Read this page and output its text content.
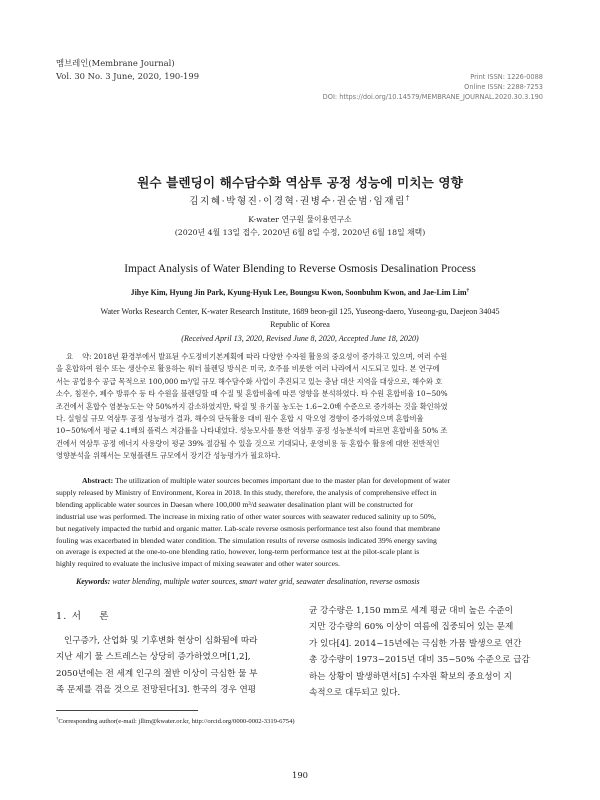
멤브레인(Membrane Journal)
Vol. 30 No. 3 June, 2020, 190-199	Print ISSN: 1226-0088
Online ISSN: 2288-7253
DOI: https://doi.org/10.14579/MEMBRANE_JOURNAL.2020.30.3.190
원수 블렌딩이 해수담수화 역삼투 공정 성능에 미치는 영향
김지혜·박형진·이경혁·권병수·권순범·임재림†
K-water 연구원 물이용연구소
(2020년 4월 13일 접수, 2020년 6월 8일 수정, 2020년 6월 18일 채택)
Impact Analysis of Water Blending to Reverse Osmosis Desalination Process
Jihye Kim, Hyung Jin Park, Kyung-Hyuk Lee, Boungsu Kwon, Soonbuhm Kwon, and Jae-Lim Lim†
Water Works Research Center, K-water Research Institute, 1689 beon-gil 125, Yuseong-daero, Yuseong-gu, Daejeon 34045
Republic of Korea
(Received April 13, 2020, Revised June 8, 2020, Accepted June 18, 2020)
요    약: 2018년 환경부에서 발표된 수도정비기본계획에 따라 다양한 수자원 활용의 중요성이 증가하고 있으며, 여러 수원
을 혼합하여 원수 또는 생산수로 활용하는 워터 블렌딩 방식은 미국, 호주를 비롯한 여러 나라에서 시도되고 있다. 본 연구에
서는 공업용수 공급 목적으로 100,000 m³/일 규모 해수담수화 사업이 추진되고 있는 충남 대산 지역을 대상으로, 해수와 호
소수, 침전수, 폐수 방류수 등 타 수원을 블렌딩할 때 수질 및 혼합비율에 따른 영향을 분석하였다. 타 수원 혼합비율 10~50%
조건에서 혼합수 염분농도는 약 50%까지 감소하였지만, 탁질 및 유기물 농도는 1.6~2.0배 수준으로 증가하는 것을 확인하였
다. 실험실 규모 역삼투 공정 성능평가 결과, 해수의 단독활용 대비 원수 혼합 시 막오염 경향이 증가하였으며 혼합비율
10~50%에서 평균 4.1배의 플럭스 저감률을 나타내었다. 성능모사를 통한 역삼투 공정 성능분석에 따르면 혼합비율 50% 조
건에서 역삼투 공정 에너지 사용량이 평균 39% 절감될 수 있을 것으로 기대되나, 운영비용 등 혼합수 활용에 대한 전반적인
영향분석을 위해서는 모형플랜트 규모에서 장기간 성능평가가 필요하다.
Abstract: The utilization of multiple water sources becomes important due to the master plan for development of water
supply released by Ministry of Environment, Korea in 2018. In this study, therefore, the analysis of comprehensive effect in
blending applicable water sources in Daesan where 100,000 m³/d seawater desalination plant will be constructed for
industrial use was performed. The increase in mixing ratio of other water sources with seawater reduced salinity up to 50%,
but negatively impacted the turbid and organic matter. Lab-scale reverse osmosis performance test also found that membrane
fouling was exacerbated in blended water condition. The simulation results of reverse osmosis indicated 39% energy saving
on average is expected at the one-to-one blending ratio, however, long-term performance test at the pilot-scale plant is
highly required to evaluate the inclusive impact of mixing seawater and other water sources.
Keywords: water blending, multiple water sources, smart water grid, seawater desalination, reverse osmosis
1. 서    론
인구증가, 산업화 및 기후변화 현상이 심화됨에 따라
지난 세기 물 스트레스는 상당히 증가하였으며[1,2],
2050년에는 전 세계 인구의 절반 이상이 극심한 물 부
족 문제를 겪을 것으로 전망된다[3]. 한국의 경우 연평
균 강수량은 1,150 mm로 세계 평균 대비 높은 수준이
지만 강수량의 60% 이상이 여름에 집중되어 있는 문제
가 있다[4]. 2014~15년에는 극심한 가뭄 발생으로 연간
총 강수량이 1973~2015년 대비 35~50% 수준으로 급감
하는 상황이 발생하면서[5] 수자원 확보의 중요성이 지
속적으로 대두되고 있다.
†Corresponding author(e-mail: jllim@kwater.or.kr, http://orcid.org/0000-0002-3319-6754)
190
